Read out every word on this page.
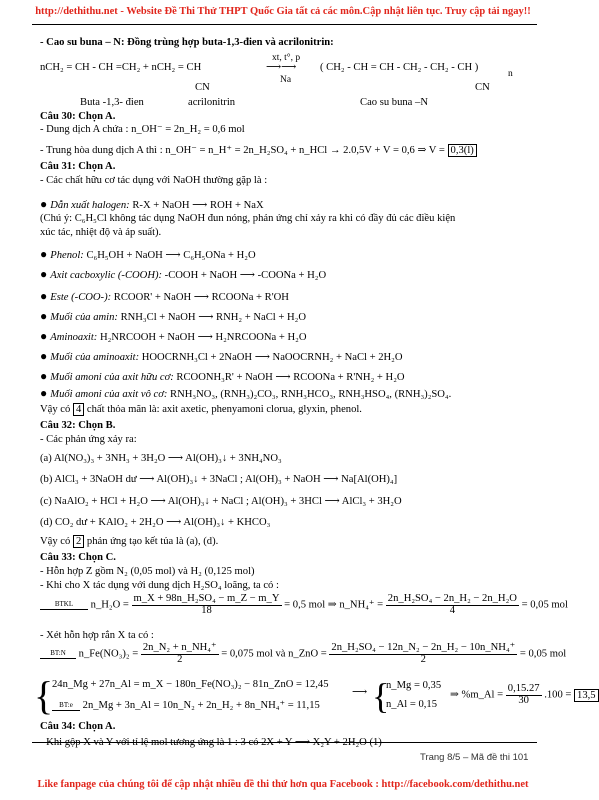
http://dethithu.net - Website Đề Thi Thử THPT Quốc Gia tất cả các môn.Cập nhật liên tục. Truy cập tải ngay!!
- Cao su buna – N: Đồng trùng hợp buta-1,3-đien và acrilonitrin:
nCH₂ = CH - CH =CH₂ + nCH₂ = CH
xt, t°, p
⟶⟶
Na
( CH₂ - CH = CH - CH₂ - CH₂ - CH )
n
CN	CN
Buta -1,3- đien	acrilonitrin	Cao su buna –N
Câu 30: Chọn A.
- Dung dịch A chứa : n_OH⁻ = 2n_H₂ = 0,6 mol
- Trung hòa dung dịch A thì : n_OH⁻ = n_H⁺ = 2n_H₂SO₄ + n_HCl → 2.0,5V + V = 0,6 ⇒ V = 0,3(l)
Câu 31: Chọn A.
- Các chất hữu cơ tác dụng với NaOH thường gặp là :
● Dẫn xuất halogen: R-X + NaOH ⟶ ROH + NaX
(Chú ý: C₆H₅Cl không tác dụng NaOH đun nóng, phản ứng chỉ xảy ra khi có đầy đủ các điều kiện
xúc tác, nhiệt độ và áp suất).
● Phenol: C₆H₅OH + NaOH ⟶ C₆H₅ONa + H₂O
● Axit cacboxylic (-COOH): -COOH + NaOH ⟶ -COONa + H₂O
● Este (-COO-): RCOOR' + NaOH ⟶ RCOONa + R'OH
● Muối của amin: RNH₃Cl + NaOH ⟶ RNH₂ + NaCl + H₂O
● Aminoaxit: H₂NRCOOH + NaOH ⟶ H₂NRCOONa + H₂O
● Muối của aminoaxit: HOOCRNH₃Cl + 2NaOH ⟶ NaOOCRNH₂ + NaCl + 2H₂O
● Muối amoni của axit hữu cơ: RCOONH₃R' + NaOH ⟶ RCOONa + R'NH₂ + H₂O
● Muối amoni của axit vô cơ: RNH₃NO₃, (RNH₃)₂CO₃, RNH₃HCO₃, RNH₃HSO₄, (RNH₃)₂SO₄.
Vậy có 4 chất thỏa mãn là: axit axetic, phenyamoni clorua, glyxin, phenol.
Câu 32: Chọn B.
- Các phản ứng xảy ra:
(a) Al(NO₃)₃ + 3NH₃ + 3H₂O ⟶ Al(OH)₃↓ + 3NH₄NO₃
(b) AlCl₃ + 3NaOH dư ⟶ Al(OH)₃↓ + 3NaCl ; Al(OH)₃ + NaOH ⟶ Na[Al(OH)₄]
(c) NaAlO₂ + HCl + H₂O ⟶ Al(OH)₃↓ + NaCl ; Al(OH)₃ + 3HCl ⟶ AlCl₃ + 3H₂O
(d) CO₂ dư + KAlO₂ + 2H₂O ⟶ Al(OH)₃↓ + KHCO₃
Vậy có 2 phản ứng tạo kết tủa là (a), (d).
Câu 33: Chọn C.
- Hỗn hợp Z gồm N₂ (0,05 mol) và H₂ (0,125 mol)
- Khi cho X tác dụng với dung dịch H₂SO₄ loãng, ta có :
BTKL n_H₂O = $\frac{\text{m\_X + 98n\_H₂SO₄ − m\_Z − m\_Y}}{18} = 0,5$ mol ⇒ n_NH₄⁺ = $\frac{\text{2n\_H₂SO₄ − 2n\_H₂ − 2n\_H₂O}}{4} = 0,05$ mol
- Xét hỗn hợp rắn X ta có :
BT:N n_Fe(NO₃)₂ = $\frac{\text{2n\_N₂ + n\_NH₄⁺}}{2} = 0,075$ mol và n_ZnO = $\frac{\text{2n\_H₂SO₄ − 12n\_N₂ − 2n\_H₂ − 10n\_NH₄⁺}}{2} = 0,05$ mol
{
24n_Mg + 27n_Al = m_X − 180n_Fe(NO₃)₂ − 81n_ZnO = 12,45
BT:e 2n_Mg + 3n_Al = 10n_N₂ + 2n_H₂ + 8n_NH₄⁺ = 11,15
⟶ {
n_Mg = 0,35
n_Al = 0,15
⇒ %m_Al = $\frac{0,15.27}{30} .100 = 13,5$
Câu 34: Chọn A.
- Khi gộp X và Y với tỉ lệ mol tương ứng là 1 : 3 có 2X + Y ⟶ X₂Y + 2H₂O (1)
Trang 8/5 – Mã đề thi 101
Like fanpage của chúng tôi để cập nhật nhiều đề thi thử hơn qua Facebook : http://facebook.com/dethithu.net
